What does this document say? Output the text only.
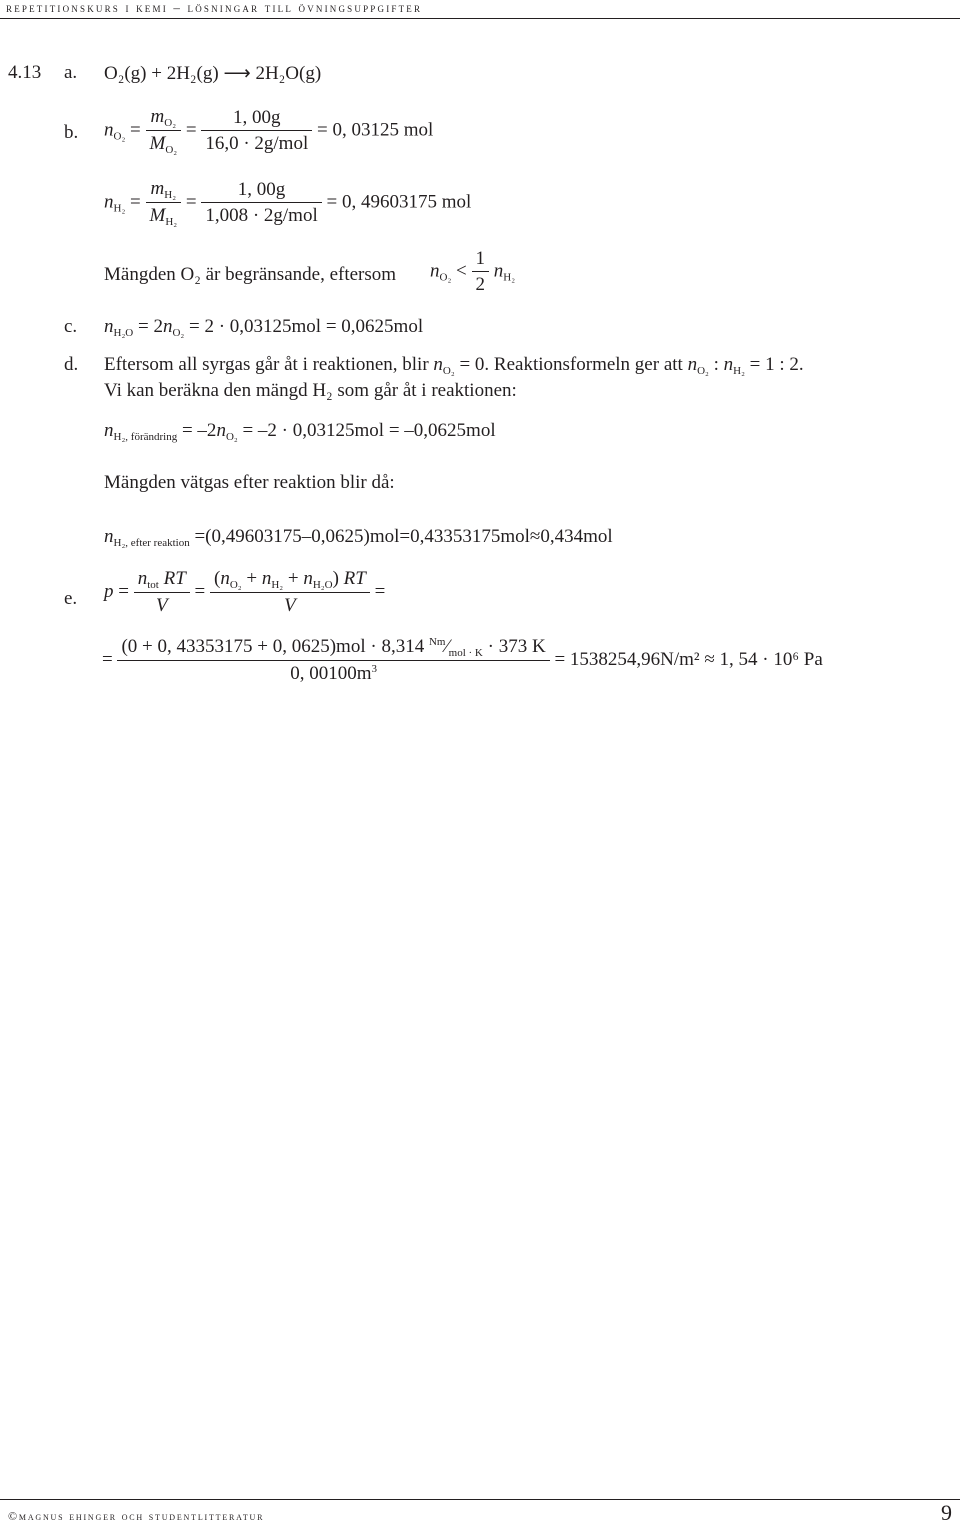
repetitionskurs i kemi – lösningar till övningsuppgifter
4.13 a. O₂(g) + 2H₂(g) ⟶ 2H₂O(g)
b. $n_{O_2} = \frac{m_{O_2}}{M_{O_2}} = \frac{1, 00g}{\text{16,0 · 2g/mol}} = 0$, 03125 mol
$n_{H_2} = \frac{m_{H_2}}{M_{H_2}} = \frac{1, 00g}{\text{1,008 · 2g/mol}} = 0$, 49603175 mol
Mängden O₂ är begränsande, eftersom $n_{O_2} < \frac{1}{2} n_{H_2}$
c. $n_{H_2O} = 2n_{O_2} = 2 \cdot 0,03125mol = 0,0625mol$
d. Eftersom all syrgas går åt i reaktionen, blir $n_{O_2} = 0$. Reaktionsformeln ger att $n_{O_2}$ : $n_{H_2} = 1$ : 2.
Vi kan beräkna den mängd H₂ som går åt i reaktionen:
$n_{H_2, förändring} = -2n_{O_2} = -2 \cdot 0,03125mol = -0,0625mol$
Mängden vätgas efter reaktion blir då:
$n_{H_2, efter reaktion} =(0,49603175-0,0625)mol=0,43353175mol\approx 0,434mol$
e. $p = \frac{n_{tot} RT}{V} = \frac{(n_{O_2} + n_{H_2} + n_{H_2O}) RT}{V}$ =
=
(0 + 0, 43353175 + 0, 0625)mol · 8,314 $^{Nm}⁄_{mol \cdot K} \cdot 373$ K
0, $00100m^3$	= 1538254,96N/m² ≈ 1, 54 · 10⁶ Pa
©magnus ehinger och studentlitteratur	9
